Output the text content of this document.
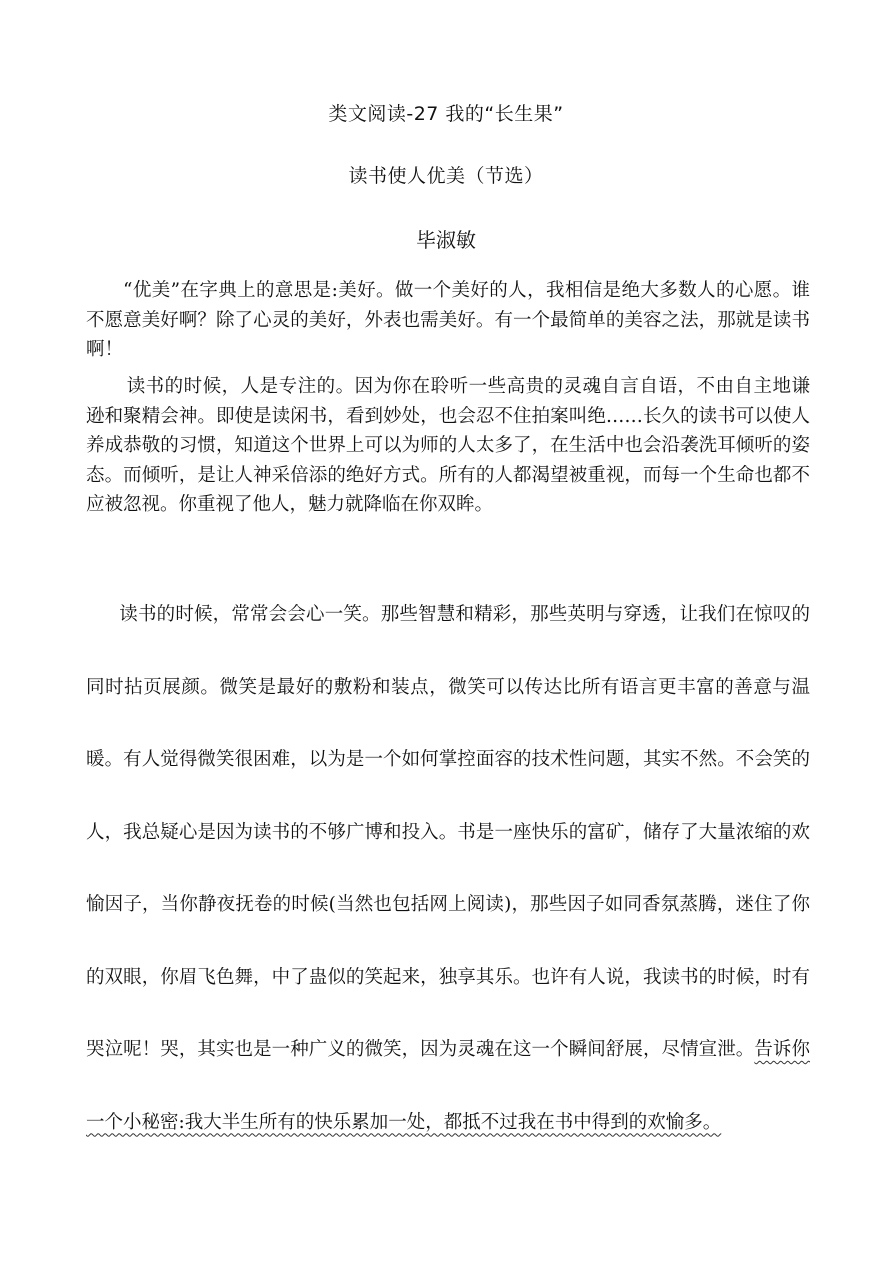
类文阅读-27 我的“长生果”
读书使人优美（节选）
毕淑敏

“优美”在字典上的意思是:美好。做一个美好的人，我相信是绝大多数人的心愿。谁不愿意美好啊？除了心灵的美好，外表也需美好。有一个最简单的美容之法，那就是读书啊！

读书的时候，人是专注的。因为你在聆听一些高贵的灵魂自言自语，不由自主地谦逊和聚精会神。即使是读闲书，看到妙处，也会忍不住拍案叫绝……长久的读书可以使人养成恭敬的习惯，知道这个世界上可以为师的人太多了，在生活中也会沿袭洗耳倾听的姿态。而倾听，是让人神采倍添的绝好方式。所有的人都渴望被重视，而每一个生命也都不应被忽视。你重视了他人，魅力就降临在你双眸。

读书的时候，常常会会心一笑。那些智慧和精彩，那些英明与穿透，让我们在惊叹的同时拈页展颜。微笑是最好的敷粉和装点，微笑可以传达比所有语言更丰富的善意与温暖。有人觉得微笑很困难，以为是一个如何掌控面容的技术性问题，其实不然。不会笑的人，我总疑心是因为读书的不够广博和投入。书是一座快乐的富矿，储存了大量浓缩的欢愉因子，当你静夜抚卷的时候(当然也包括网上阅读)，那些因子如同香氛蒸腾，迷住了你的双眼，你眉飞色舞，中了蛊似的笑起来，独享其乐。也许有人说，我读书的时候，时有哭泣呢！哭，其实也是一种广义的微笑，因为灵魂在这一个瞬间舒展，尽情宣泄。告诉你一个小秘密:我大半生所有的快乐累加一处，都抵不过我在书中得到的欢愉多。
